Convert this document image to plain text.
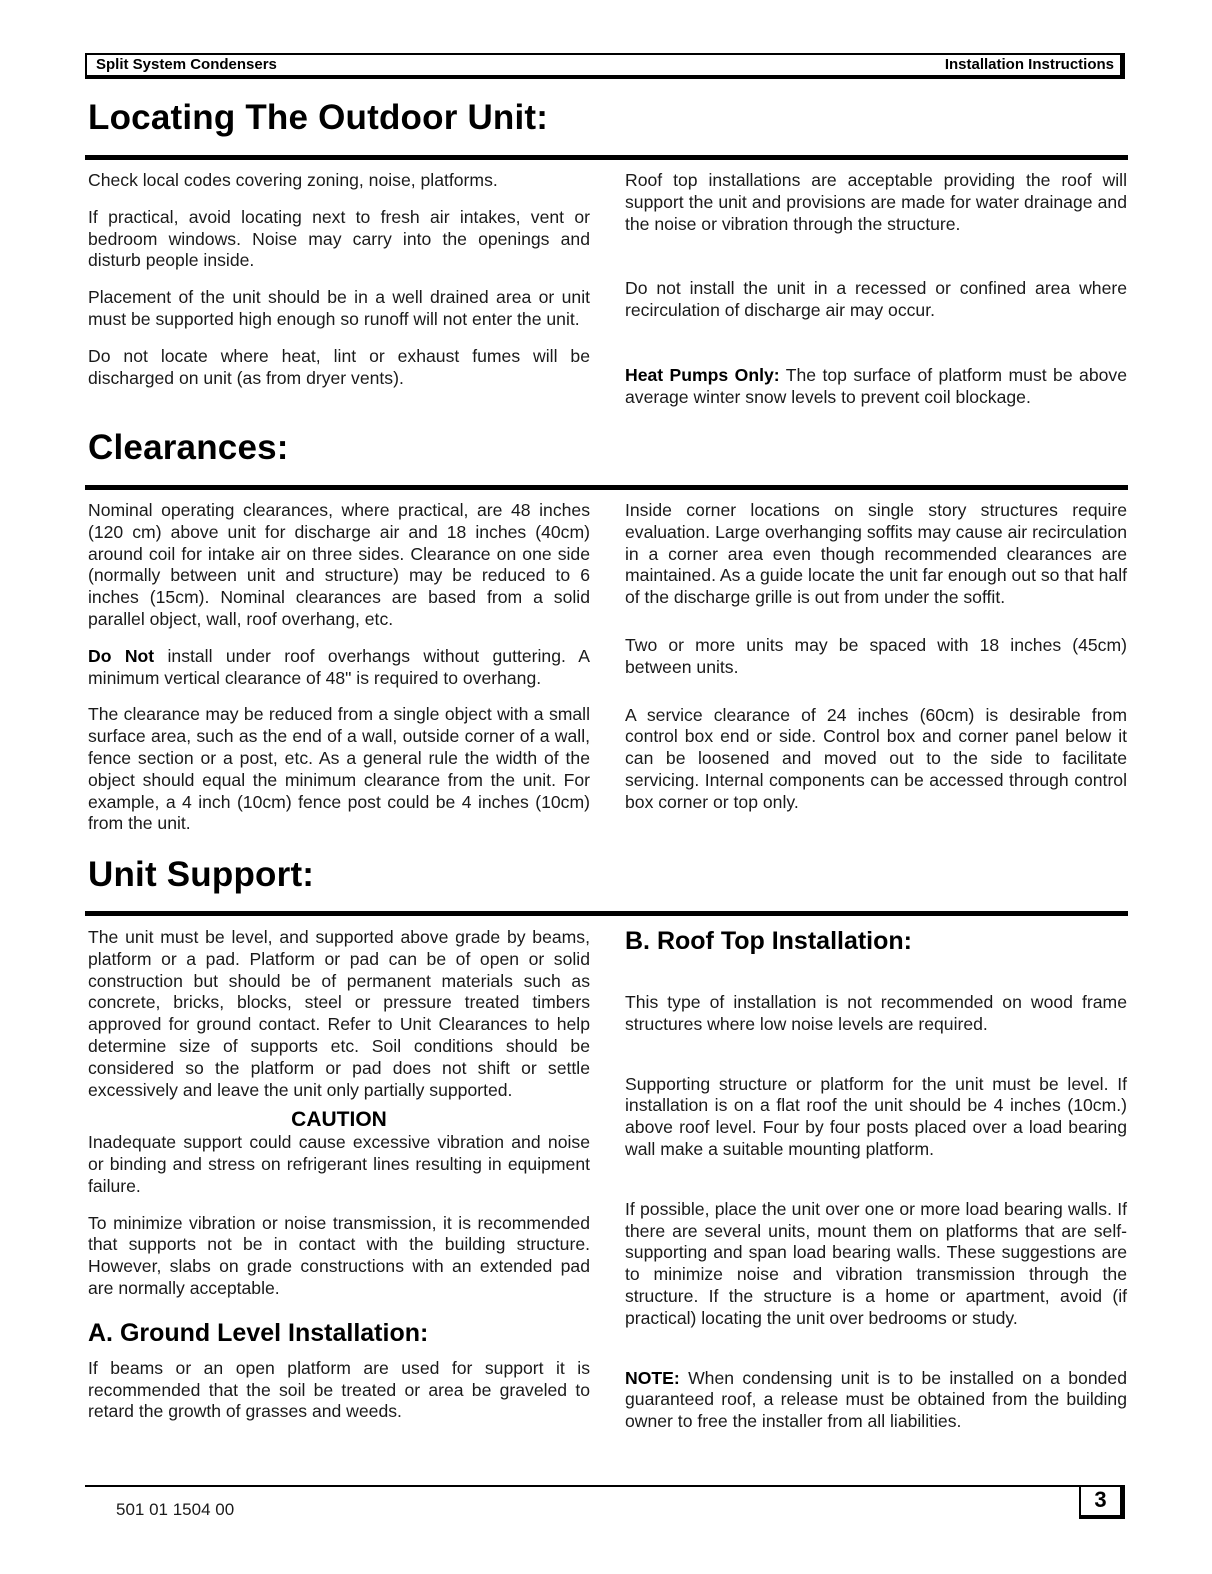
Split System Condensers	Installation Instructions
Locating The Outdoor Unit:

Check local codes covering zoning, noise, platforms.

If practical, avoid locating next to fresh air intakes, vent or bedroom windows. Noise may carry into the openings and disturb people inside.

Placement of the unit should be in a well drained area or unit must be supported high enough so runoff will not enter the unit.

Do not locate where heat, lint or exhaust fumes will be discharged on unit (as from dryer vents).

Roof top installations are acceptable providing the roof will support the unit and provisions are made for water drainage and the noise or vibration through the structure.

Do not install the unit in a recessed or confined area where recirculation of discharge air may occur.

Heat Pumps Only: The top surface of platform must be above average winter snow levels to prevent coil blockage.

Clearances:

Nominal operating clearances, where practical, are 48 inches (120 cm) above unit for discharge air and 18 inches (40cm) around coil for intake air on three sides. Clearance on one side (normally between unit and structure) may be reduced to 6 inches (15cm). Nominal clearances are based from a solid parallel object, wall, roof overhang, etc.

Do Not install under roof overhangs without guttering. A minimum vertical clearance of 48" is required to overhang.

The clearance may be reduced from a single object with a small surface area, such as the end of a wall, outside corner of a wall, fence section or a post, etc. As a general rule the width of the object should equal the minimum clearance from the unit. For example, a 4 inch (10cm) fence post could be 4 inches (10cm) from the unit.

Inside corner locations on single story structures require evaluation. Large overhanging soffits may cause air recirculation in a corner area even though recommended clearances are maintained. As a guide locate the unit far enough out so that half of the discharge grille is out from under the soffit.

Two or more units may be spaced with 18 inches (45cm) between units.

A service clearance of 24 inches (60cm) is desirable from control box end or side. Control box and corner panel below it can be loosened and moved out to the side to facilitate servicing. Internal components can be accessed through control box corner or top only.

Unit Support:

The unit must be level, and supported above grade by beams, platform or a pad. Platform or pad can be of open or solid construction but should be of permanent materials such as concrete, bricks, blocks, steel or pressure treated timbers approved for ground contact. Refer to Unit Clearances to help determine size of supports etc. Soil conditions should be considered so the platform or pad does not shift or settle excessively and leave the unit only partially supported.

CAUTION

Inadequate support could cause excessive vibration and noise or binding and stress on refrigerant lines resulting in equipment failure.

To minimize vibration or noise transmission, it is recommended that supports not be in contact with the building structure. However, slabs on grade constructions with an extended pad are normally acceptable.

A. Ground Level Installation:

If beams or an open platform are used for support it is recommended that the soil be treated or area be graveled to retard the growth of grasses and weeds.

B. Roof Top Installation:

This type of installation is not recommended on wood frame structures where low noise levels are required.

Supporting structure or platform for the unit must be level. If installation is on a flat roof the unit should be 4 inches (10cm.) above roof level. Four by four posts placed over a load bearing wall make a suitable mounting platform.

If possible, place the unit over one or more load bearing walls. If there are several units, mount them on platforms that are self-supporting and span load bearing walls. These suggestions are to minimize noise and vibration transmission through the structure. If the structure is a home or apartment, avoid (if practical) locating the unit over bedrooms or study.

NOTE: When condensing unit is to be installed on a bonded guaranteed roof, a release must be obtained from the building owner to free the installer from all liabilities.

501 01 1504 00	3
